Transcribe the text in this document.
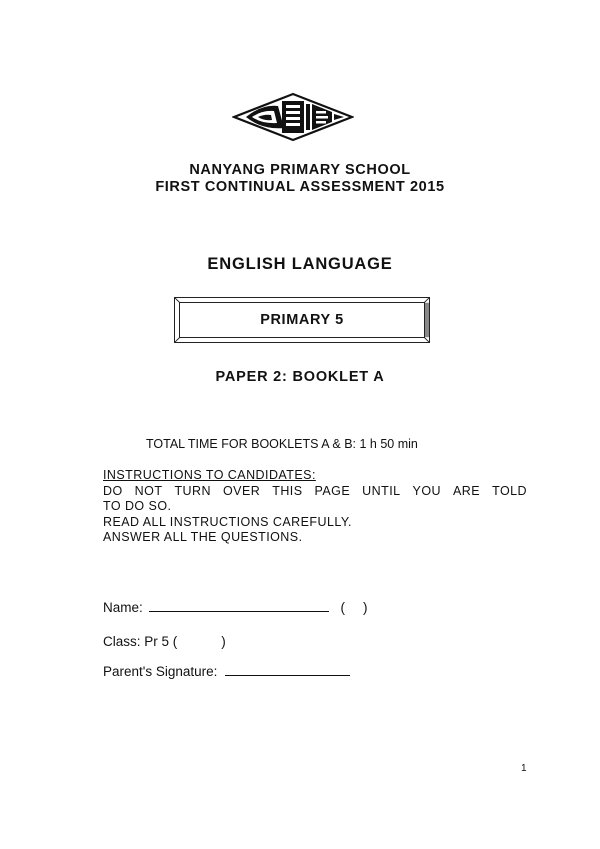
NANYANG PRIMARY SCHOOL
FIRST CONTINUAL ASSESSMENT 2015
ENGLISH LANGUAGE
PRIMARY 5
PAPER 2: BOOKLET A
TOTAL TIME FOR BOOKLETS A & B: 1 h 50 min
INSTRUCTIONS TO CANDIDATES:
DO NOT TURN OVER THIS PAGE UNTIL YOU ARE TOLD
TO DO SO.
READ ALL INSTRUCTIONS CAREFULLY.
ANSWER ALL THE QUESTIONS.
Name:	( )
Class: Pr 5 (	)
Parent's Signature:
1
